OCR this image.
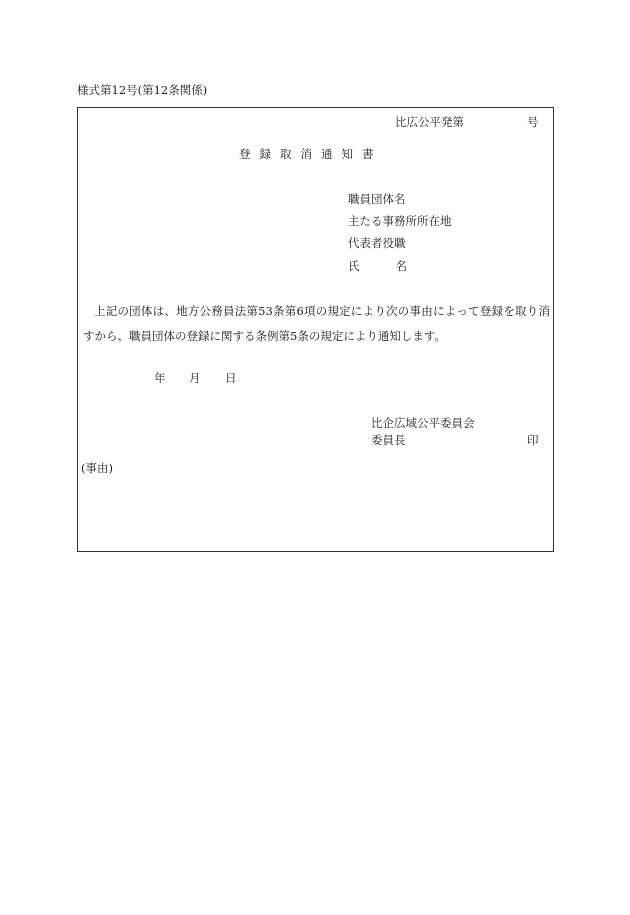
様式第12号(第12条関係)
比広公平発第	号
登録取消通知書
職員団体名
主たる事務所所在地
代表者役職
氏	名
上記の団体は、地方公務員法第53条第6項の規定により次の事由によって登録を取り消すから、職員団体の登録に関する条例第5条の規定により通知します。
年 月 日
比企広域公平委員会
委員長	印
(事由)
